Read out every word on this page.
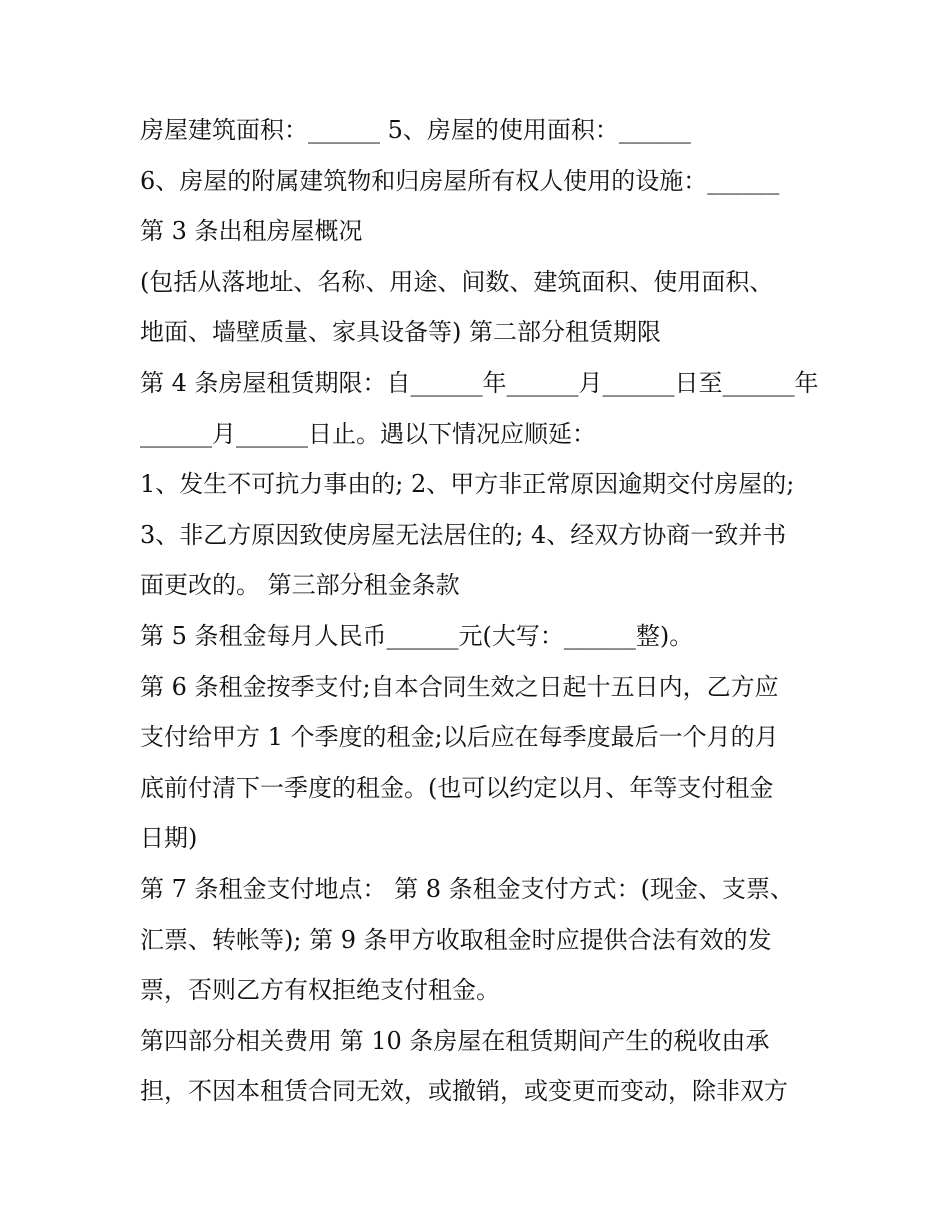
房屋建筑面积：______ 5、房屋的使用面积：______
6、房屋的附属建筑物和归房屋所有权人使用的设施：______
第 3 条出租房屋概况
(包括从落地址、名称、用途、间数、建筑面积、使用面积、
地面、墙壁质量、家具设备等) 第二部分租赁期限
第 4 条房屋租赁期限：自______年______月______日至______年
______月______日止。遇以下情况应顺延：
1、发生不可抗力事由的; 2、甲方非正常原因逾期交付房屋的;
3、非乙方原因致使房屋无法居住的; 4、经双方协商一致并书
面更改的。 第三部分租金条款
第 5 条租金每月人民币______元(大写：______整)。
第 6 条租金按季支付;自本合同生效之日起十五日内，乙方应
支付给甲方 1 个季度的租金;以后应在每季度最后一个月的月
底前付清下一季度的租金。(也可以约定以月、年等支付租金
日期)
第 7 条租金支付地点： 第 8 条租金支付方式：(现金、支票、
汇票、转帐等); 第 9 条甲方收取租金时应提供合法有效的发
票，否则乙方有权拒绝支付租金。
第四部分相关费用 第 10 条房屋在租赁期间产生的税收由承
担，不因本租赁合同无效，或撤销，或变更而变动，除非双方
